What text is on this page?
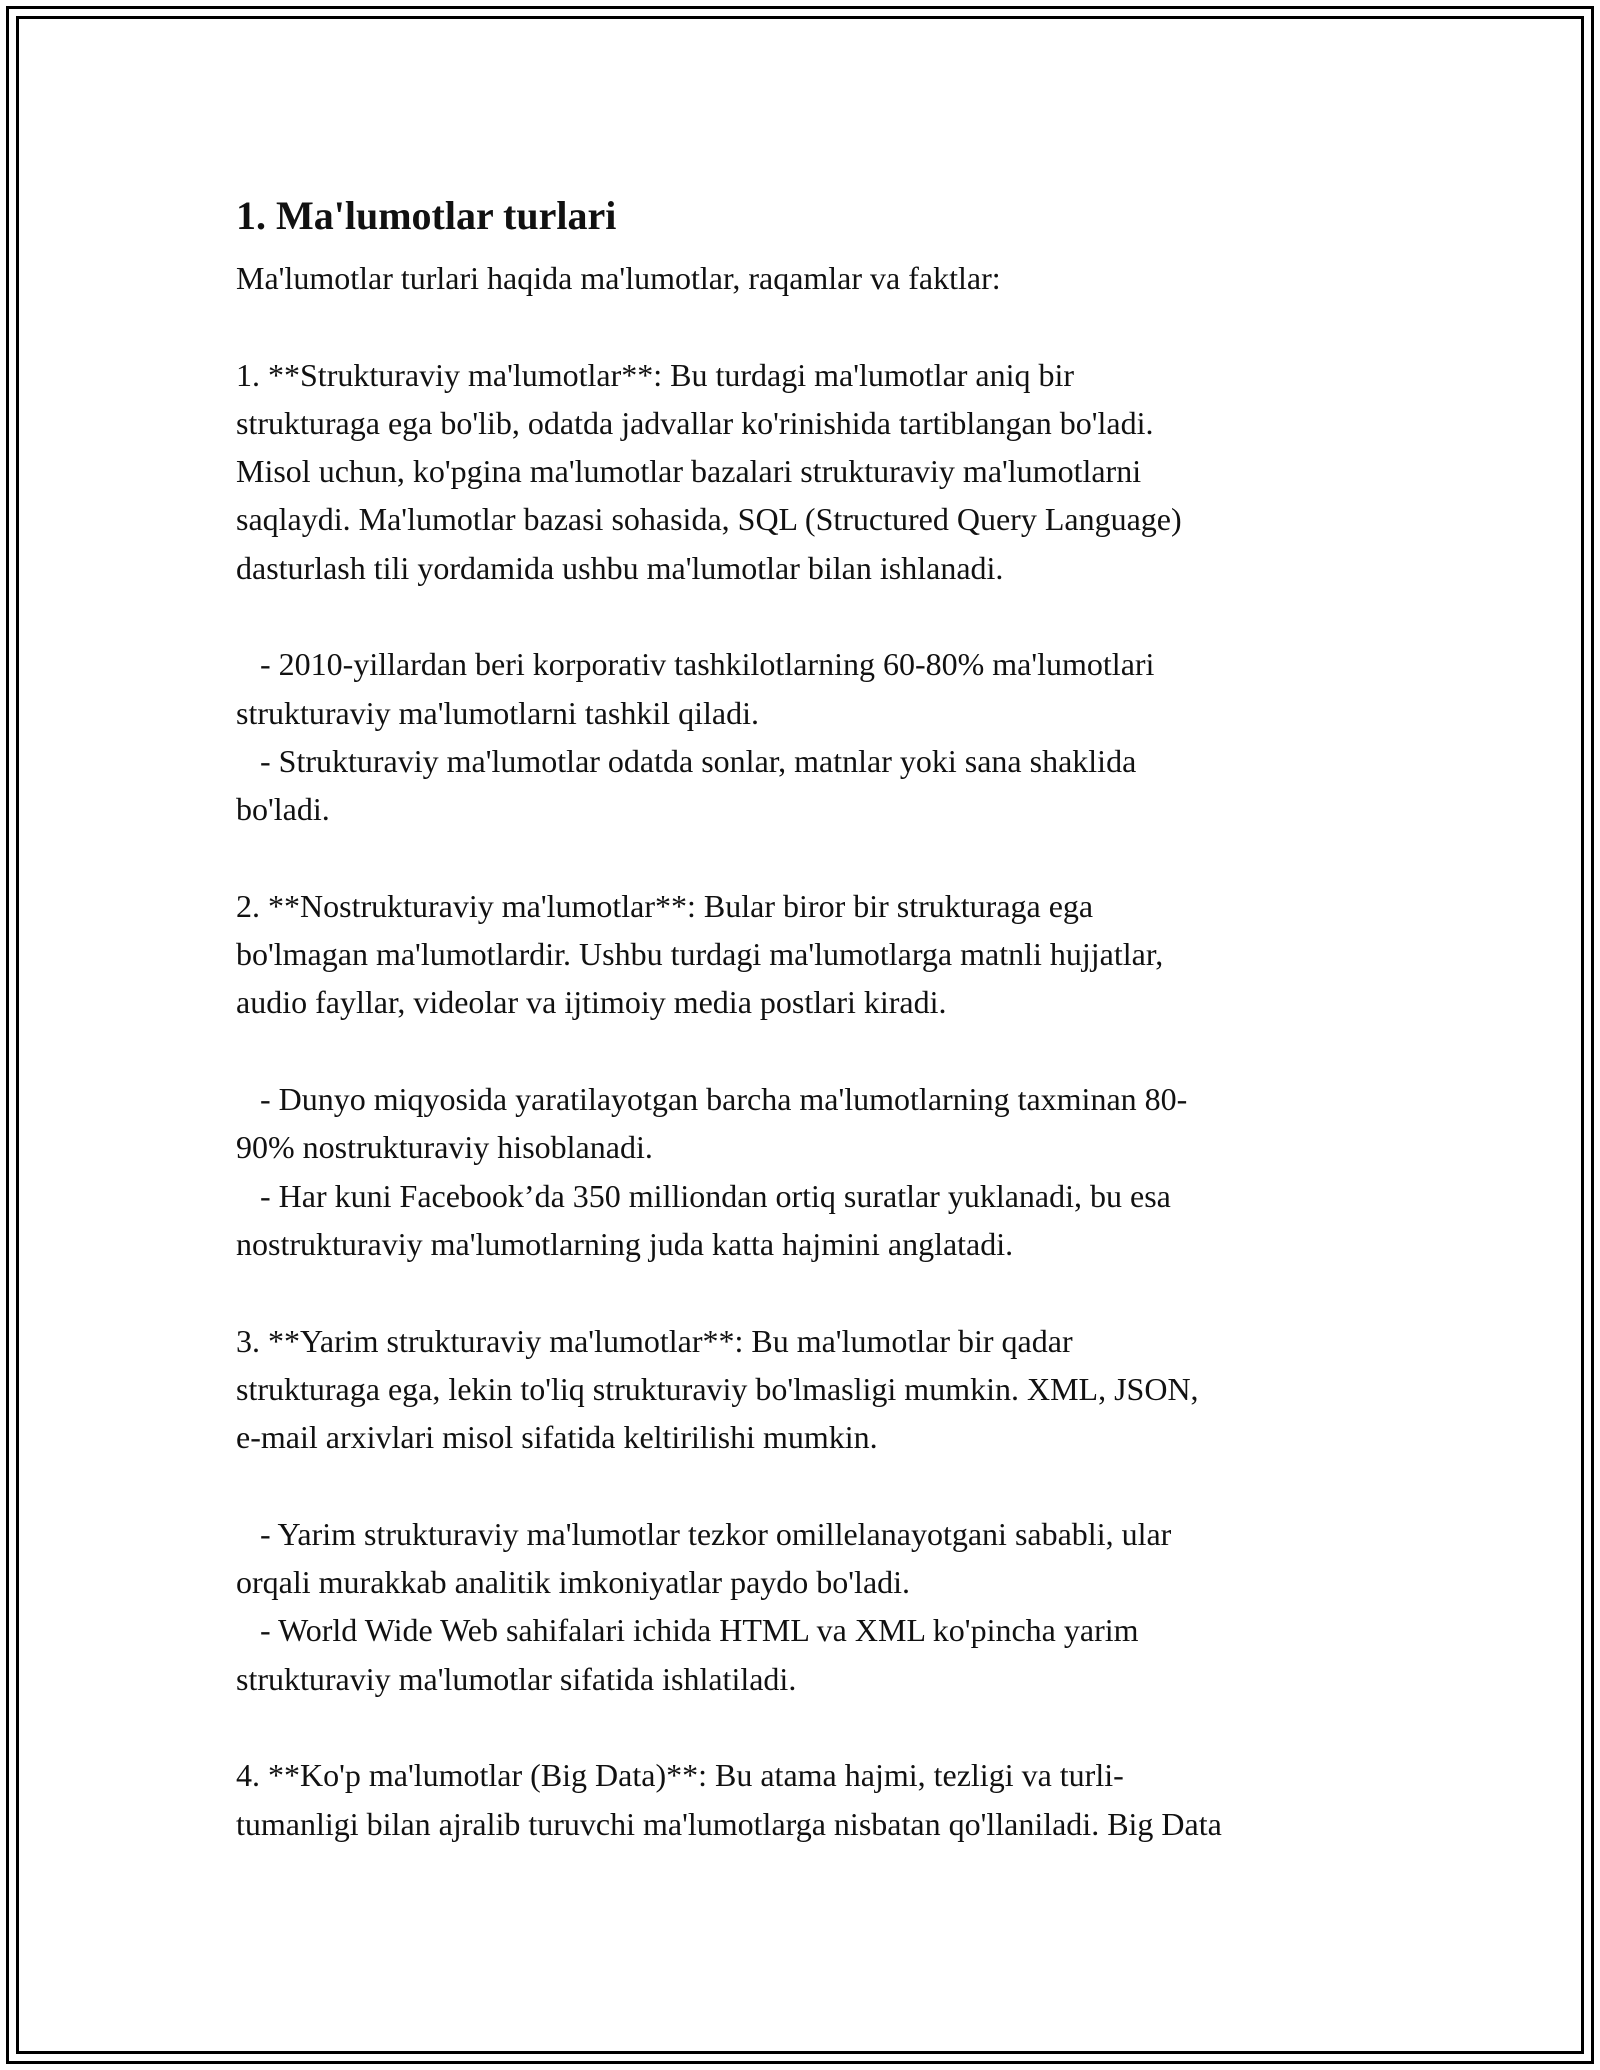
1. Ma'lumotlar turlari
Ma'lumotlar turlari haqida ma'lumotlar, raqamlar va faktlar:
1. **Strukturaviy ma'lumotlar**: Bu turdagi ma'lumotlar aniq bir
strukturaga ega bo'lib, odatda jadvallar ko'rinishida tartiblangan bo'ladi.
Misol uchun, ko'pgina ma'lumotlar bazalari strukturaviy ma'lumotlarni
saqlaydi. Ma'lumotlar bazasi sohasida, SQL (Structured Query Language)
dasturlash tili yordamida ushbu ma'lumotlar bilan ishlanadi.
- 2010-yillardan beri korporativ tashkilotlarning 60-80% ma'lumotlari
strukturaviy ma'lumotlarni tashkil qiladi.
- Strukturaviy ma'lumotlar odatda sonlar, matnlar yoki sana shaklida
bo'ladi.
2. **Nostrukturaviy ma'lumotlar**: Bular biror bir strukturaga ega
bo'lmagan ma'lumotlardir. Ushbu turdagi ma'lumotlarga matnli hujjatlar,
audio fayllar, videolar va ijtimoiy media postlari kiradi.
- Dunyo miqyosida yaratilayotgan barcha ma'lumotlarning taxminan 80-
90% nostrukturaviy hisoblanadi.
- Har kuni Facebook’da 350 milliondan ortiq suratlar yuklanadi, bu esa
nostrukturaviy ma'lumotlarning juda katta hajmini anglatadi.
3. **Yarim strukturaviy ma'lumotlar**: Bu ma'lumotlar bir qadar
strukturaga ega, lekin to'liq strukturaviy bo'lmasligi mumkin. XML, JSON,
e-mail arxivlari misol sifatida keltirilishi mumkin.
- Yarim strukturaviy ma'lumotlar tezkor omillelanayotgani sababli, ular
orqali murakkab analitik imkoniyatlar paydo bo'ladi.
- World Wide Web sahifalari ichida HTML va XML ko'pincha yarim
strukturaviy ma'lumotlar sifatida ishlatiladi.
4. **Ko'p ma'lumotlar (Big Data)**: Bu atama hajmi, tezligi va turli-
tumanligi bilan ajralib turuvchi ma'lumotlarga nisbatan qo'llaniladi. Big Data
